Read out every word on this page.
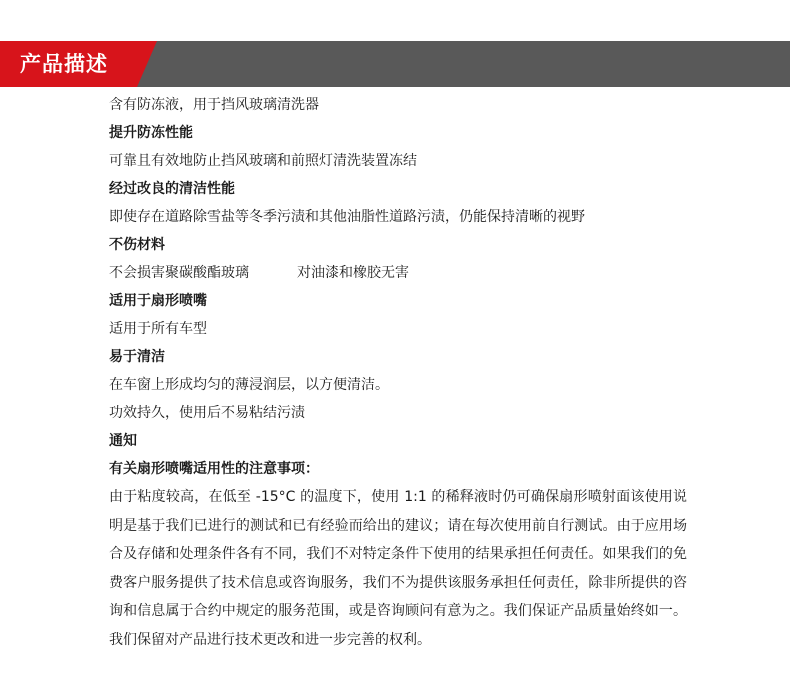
产品描述
含有防冻液，用于挡风玻璃清洗器
提升防冻性能
可靠且有效地防止挡风玻璃和前照灯清洗装置冻结
经过改良的清洁性能
即使存在道路除雪盐等冬季污渍和其他油脂性道路污渍，仍能保持清晰的视野
不伤材料
不会损害聚碳酸酯玻璃	对油漆和橡胶无害
适用于扇形喷嘴
适用于所有车型
易于清洁
在车窗上形成均匀的薄浸润层，以方便清洁。
功效持久，使用后不易粘结污渍
通知
有关扇形喷嘴适用性的注意事项：
由于粘度较高，在低至 -15°C 的温度下，使用 1:1 的稀释液时仍可确保扇形喷射面该使用说明是基于我们已进行的测试和已有经验而给出的建议；请在每次使用前自行测试。由于应用场合及存储和处理条件各有不同，我们不对特定条件下使用的结果承担任何责任。如果我们的免费客户服务提供了技术信息或咨询服务，我们不为提供该服务承担任何责任，除非所提供的咨询和信息属于合约中规定的服务范围，或是咨询顾问有意为之。我们保证产品质量始终如一。我们保留对产品进行技术更改和进一步完善的权利。
